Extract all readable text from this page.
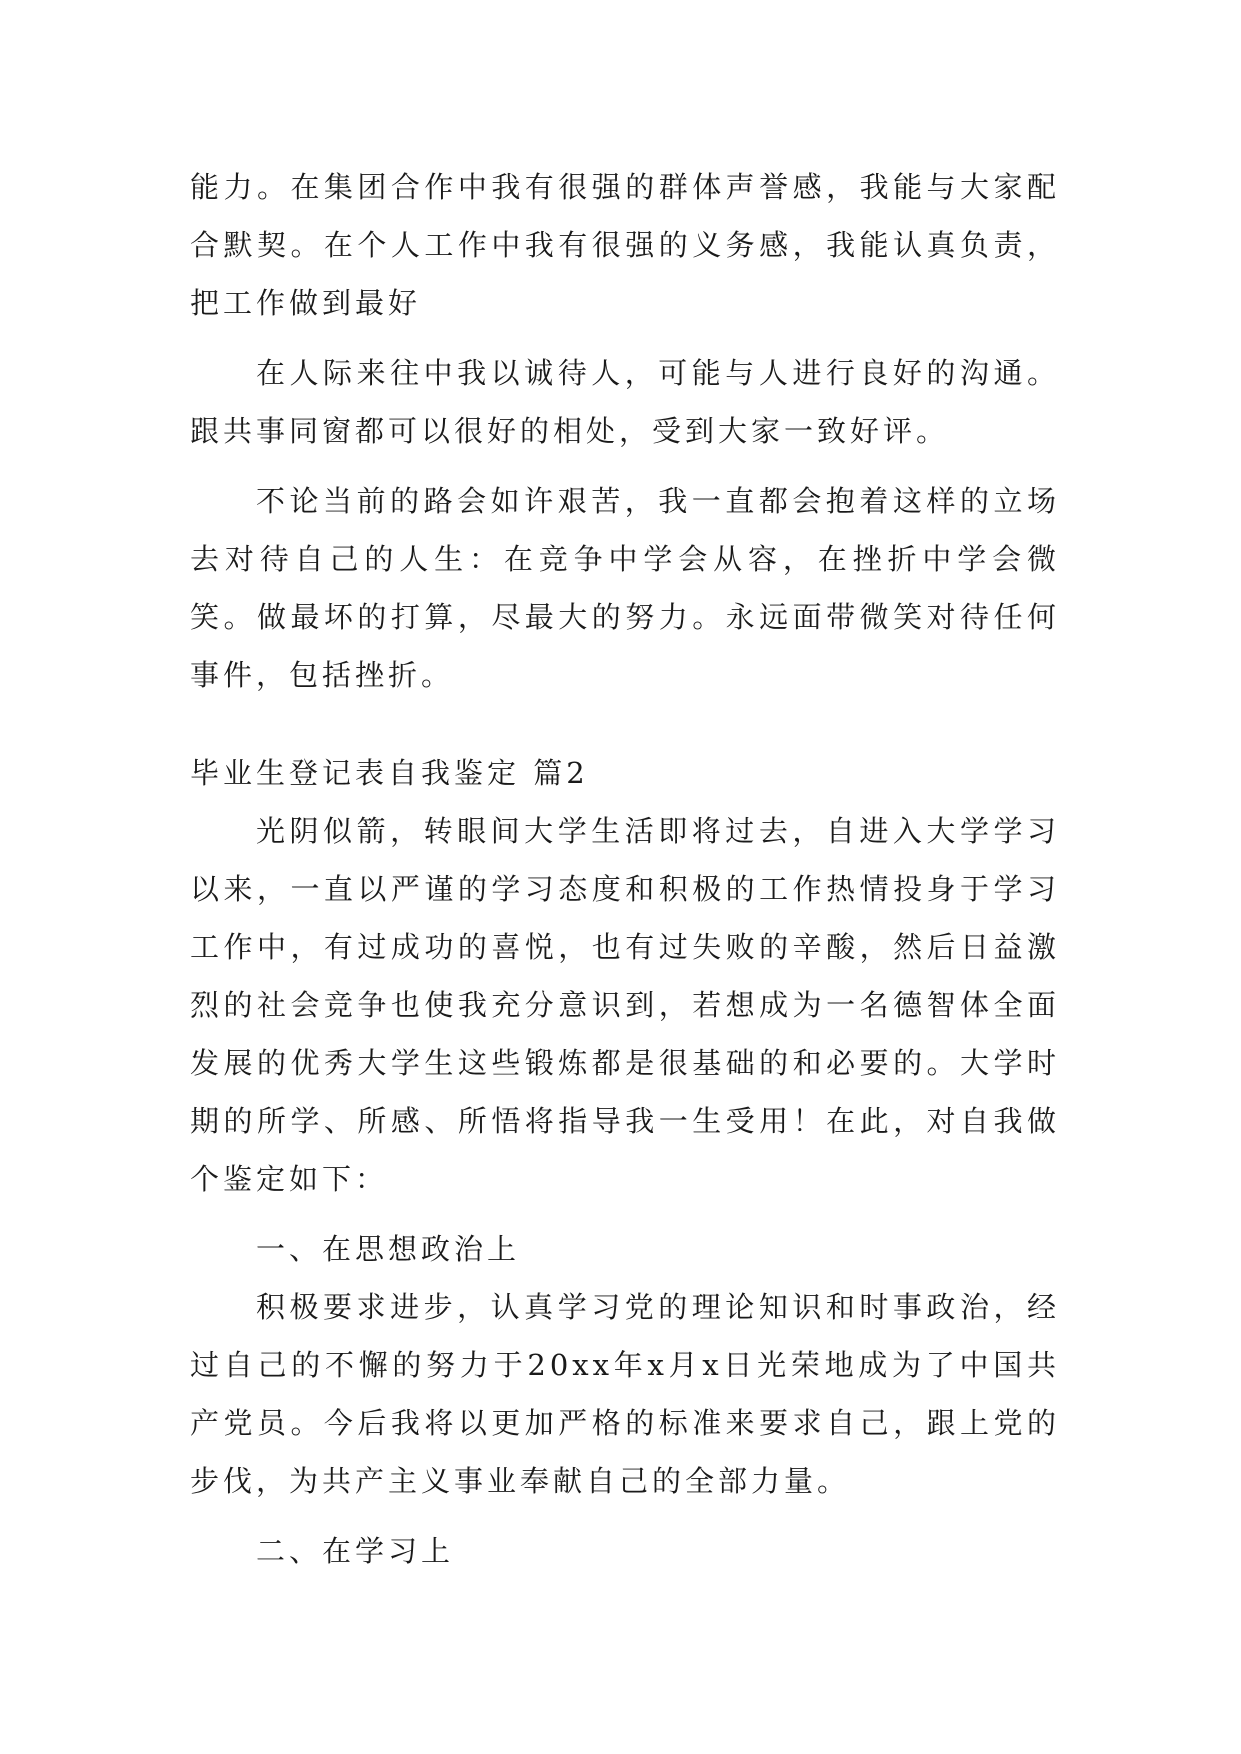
能力。在集团合作中我有很强的群体声誉感，我能与大家配合默契。在个人工作中我有很强的义务感，我能认真负责，把工作做到最好

在人际来往中我以诚待人，可能与人进行良好的沟通。跟共事同窗都可以很好的相处，受到大家一致好评。

不论当前的路会如许艰苦，我一直都会抱着这样的立场去对待自己的人生：在竞争中学会从容，在挫折中学会微笑。做最坏的打算，尽最大的努力。永远面带微笑对待任何事件，包括挫折。

毕业生登记表自我鉴定 篇2

光阴似箭，转眼间大学生活即将过去，自进入大学学习以来，一直以严谨的学习态度和积极的工作热情投身于学习工作中，有过成功的喜悦，也有过失败的辛酸，然后日益激烈的社会竞争也使我充分意识到，若想成为一名德智体全面发展的优秀大学生这些锻炼都是很基础的和必要的。大学时期的所学、所感、所悟将指导我一生受用！在此，对自我做个鉴定如下：

一、在思想政治上

积极要求进步，认真学习党的理论知识和时事政治，经过自己的不懈的努力于20xx年x月x日光荣地成为了中国共产党员。今后我将以更加严格的标准来要求自己，跟上党的步伐，为共产主义事业奉献自己的全部力量。

二、在学习上
